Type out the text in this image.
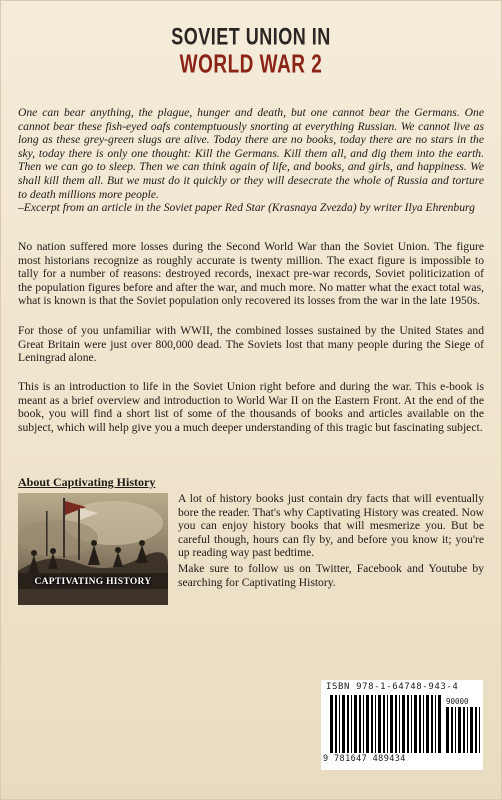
SOVIET UNION IN
WORLD WAR 2
One can bear anything, the plague, hunger and death, but one cannot bear the Germans. One cannot bear these fish-eyed oafs contemptuously snorting at everything Russian. We cannot live as long as these grey-green slugs are alive. Today there are no books, today there are no stars in the sky, today there is only one thought: Kill the Germans. Kill them all, and dig them into the earth. Then we can go to sleep. Then we can think again of life, and books, and girls, and happiness. We shall kill them all. But we must do it quickly or they will desecrate the whole of Russia and torture to death millions more people.
–Excerpt from an article in the Soviet paper Red Star (Krasnaya Zvezda) by writer Ilya Ehrenburg
No nation suffered more losses during the Second World War than the Soviet Union. The figure most historians recognize as roughly accurate is twenty million. The exact figure is impossible to tally for a number of reasons: destroyed records, inexact pre-war records, Soviet politicization of the population figures before and after the war, and much more. No matter what the exact total was, what is known is that the Soviet population only recovered its losses from the war in the late 1950s.
For those of you unfamiliar with WWII, the combined losses sustained by the United States and Great Britain were just over 800,000 dead. The Soviets lost that many people during the Siege of Leningrad alone.
This is an introduction to life in the Soviet Union right before and during the war. This e-book is meant as a brief overview and introduction to World War II on the Eastern Front. At the end of the book, you will find a short list of some of the thousands of books and articles available on the subject, which will help give you a much deeper understanding of this tragic but fascinating subject.
About Captivating History
CAPTIVATING HISTORY
A lot of history books just contain dry facts that will eventually bore the reader. That's why Captivating History was created. Now you can enjoy history books that will mesmerize you. But be careful though, hours can fly by, and before you know it; you're up reading way past bedtime.
Make sure to follow us on Twitter, Facebook and Youtube by searching for Captivating History.
ISBN 978-1-64748-943-4
90000
9 781647 489434
